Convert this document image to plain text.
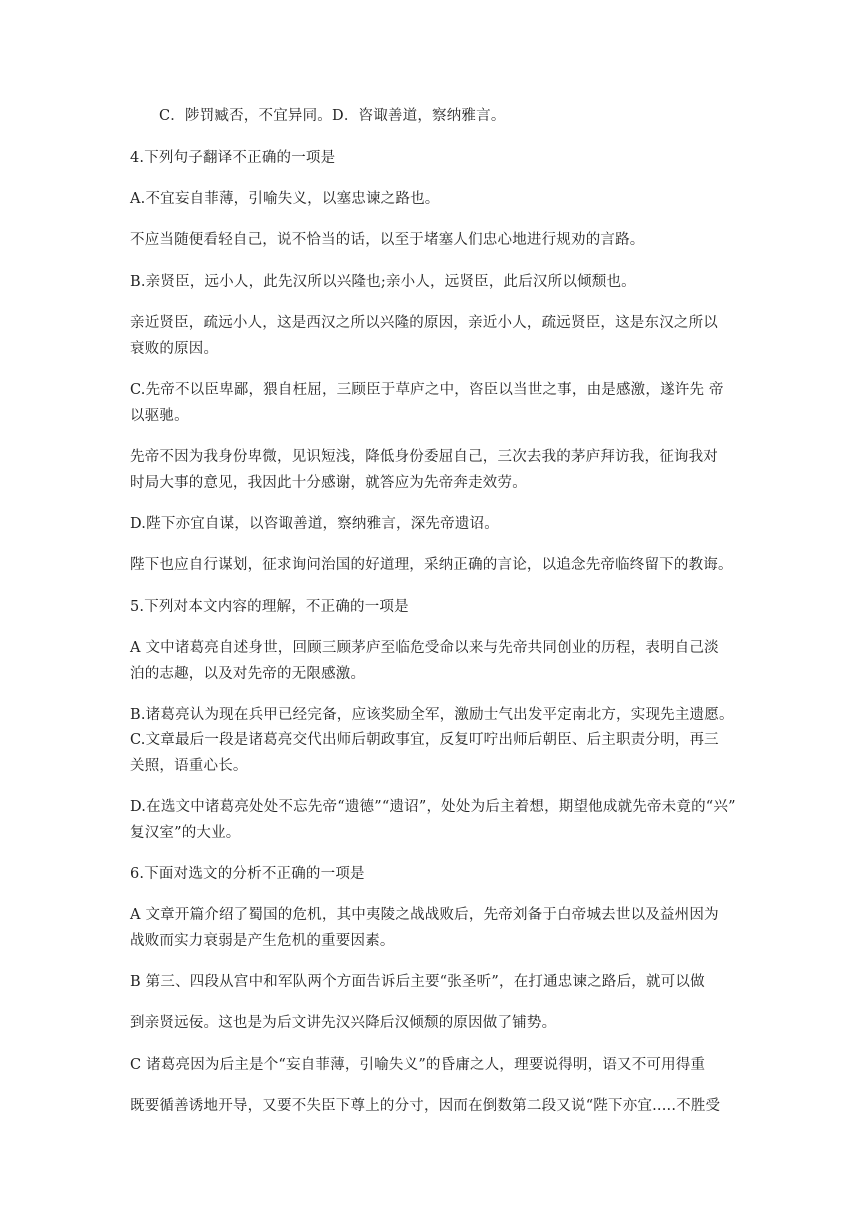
C．陟罚臧否，不宜异同。D．咨诹善道，察纳雅言。
4.下列句子翻译不正确的一项是
A.不宜妄自菲薄，引喻失义，以塞忠谏之路也。
不应当随便看轻自己，说不恰当的话，以至于堵塞人们忠心地进行规劝的言路。
B.亲贤臣，远小人，此先汉所以兴隆也;亲小人，远贤臣，此后汉所以倾颓也。
亲近贤臣，疏远小人，这是西汉之所以兴隆的原因，亲近小人，疏远贤臣，这是东汉之所以
衰败的原因。
C.先帝不以臣卑鄙，猥自枉屈，三顾臣于草庐之中，咨臣以当世之事，由是感激，遂许先 帝
以驱驰。
先帝不因为我身份卑微，见识短浅，降低身份委屈自己，三次去我的茅庐拜访我，征询我对
时局大事的意见，我因此十分感谢，就答应为先帝奔走效劳。
D.陛下亦宜自谋，以咨诹善道，察纳雅言，深先帝遗诏。
陛下也应自行谋划，征求询问治国的好道理，采纳正确的言论，以追念先帝临终留下的教诲。
5.下列对本文内容的理解，不正确的一项是
A 文中诸葛亮自述身世，回顾三顾茅庐至临危受命以来与先帝共同创业的历程，表明自己淡
泊的志趣，以及对先帝的无限感激。
B.诸葛亮认为现在兵甲已经完备，应该奖励全军，激励士气出发平定南北方，实现先主遗愿。
C.文章最后一段是诸葛亮交代出师后朝政事宜，反复叮咛出师后朝臣、后主职责分明，再三
关照，语重心长。
D.在选文中诸葛亮处处不忘先帝“遗德”“遗诏”，处处为后主着想，期望他成就先帝未竟的“兴”
复汉室”的大业。
6.下面对选文的分析不正确的一项是
A 文章开篇介绍了蜀国的危机，其中夷陵之战战败后，先帝刘备于白帝城去世以及益州因为
战败而实力衰弱是产生危机的重要因素。
B 第三、四段从宫中和军队两个方面告诉后主要“张圣听”，在打通忠谏之路后，就可以做
到亲贤远佞。这也是为后文讲先汉兴降后汉倾颓的原因做了铺势。
C 诸葛亮因为后主是个“妄自菲薄，引喻失义”的昏庸之人，理要说得明，语又不可用得重
既要循善诱地开导，又要不失臣下尊上的分寸，因而在倒数第二段又说“陛下亦宜.....不胜受
